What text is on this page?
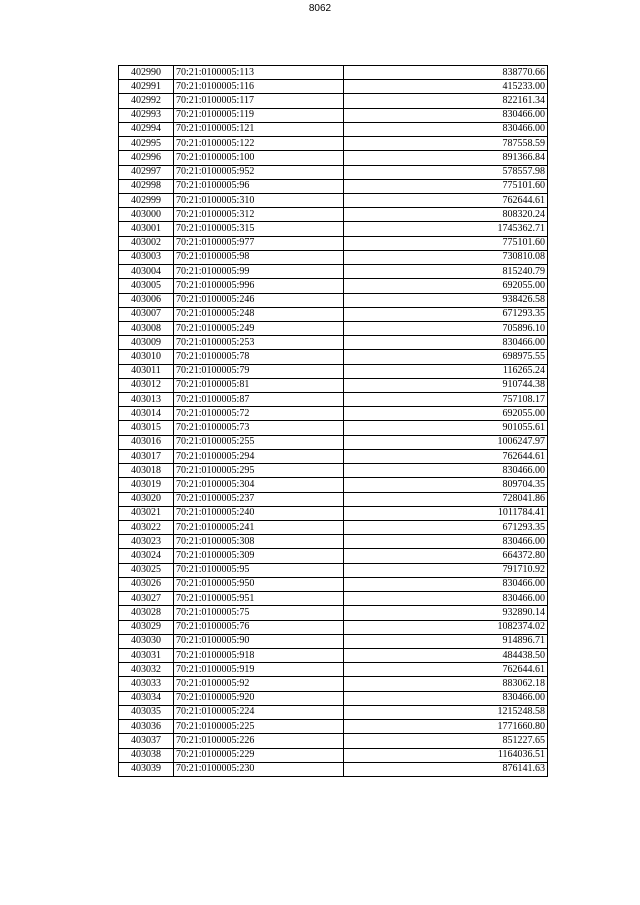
8062
402990	70:21:0100005:113	838770.66
402991	70:21:0100005:116	415233.00
402992	70:21:0100005:117	822161.34
402993	70:21:0100005:119	830466.00
402994	70:21:0100005:121	830466.00
402995	70:21:0100005:122	787558.59
402996	70:21:0100005:100	891366.84
402997	70:21:0100005:952	578557.98
402998	70:21:0100005:96	775101.60
402999	70:21:0100005:310	762644.61
403000	70:21:0100005:312	808320.24
403001	70:21:0100005:315	1745362.71
403002	70:21:0100005:977	775101.60
403003	70:21:0100005:98	730810.08
403004	70:21:0100005:99	815240.79
403005	70:21:0100005:996	692055.00
403006	70:21:0100005:246	938426.58
403007	70:21:0100005:248	671293.35
403008	70:21:0100005:249	705896.10
403009	70:21:0100005:253	830466.00
403010	70:21:0100005:78	698975.55
403011	70:21:0100005:79	116265.24
403012	70:21:0100005:81	910744.38
403013	70:21:0100005:87	757108.17
403014	70:21:0100005:72	692055.00
403015	70:21:0100005:73	901055.61
403016	70:21:0100005:255	1006247.97
403017	70:21:0100005:294	762644.61
403018	70:21:0100005:295	830466.00
403019	70:21:0100005:304	809704.35
403020	70:21:0100005:237	728041.86
403021	70:21:0100005:240	1011784.41
403022	70:21:0100005:241	671293.35
403023	70:21:0100005:308	830466.00
403024	70:21:0100005:309	664372.80
403025	70:21:0100005:95	791710.92
403026	70:21:0100005:950	830466.00
403027	70:21:0100005:951	830466.00
403028	70:21:0100005:75	932890.14
403029	70:21:0100005:76	1082374.02
403030	70:21:0100005:90	914896.71
403031	70:21:0100005:918	484438.50
403032	70:21:0100005:919	762644.61
403033	70:21:0100005:92	883062.18
403034	70:21:0100005:920	830466.00
403035	70:21:0100005:224	1215248.58
403036	70:21:0100005:225	1771660.80
403037	70:21:0100005:226	851227.65
403038	70:21:0100005:229	1164036.51
403039	70:21:0100005:230	876141.63
